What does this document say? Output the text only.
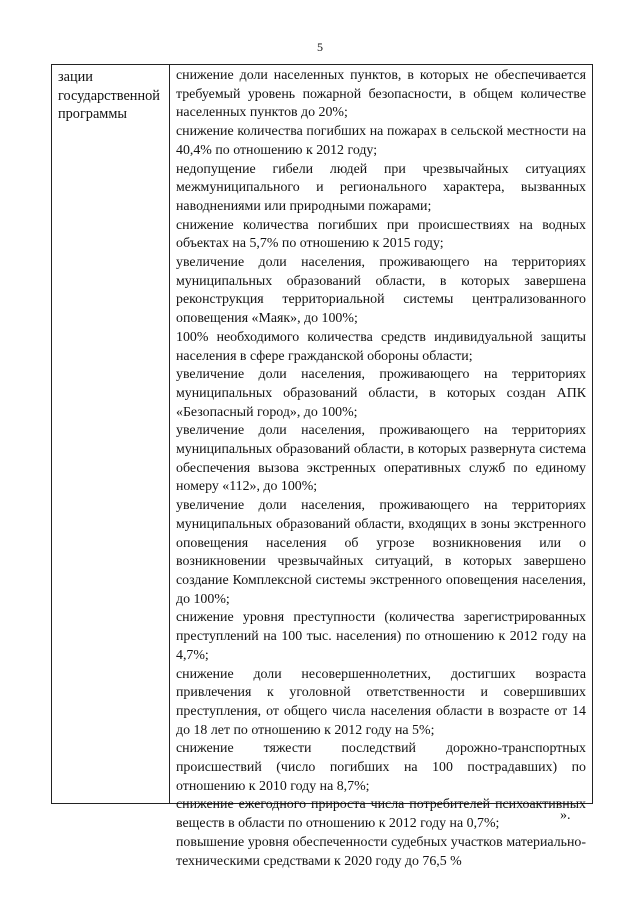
5
зации государственной программы

снижение доли населенных пунктов, в которых не обеспечивается требуемый уровень пожарной безопасности, в общем количестве населенных пунктов до 20%;

снижение количества погибших на пожарах в сельской местности на 40,4% по отношению к 2012 году;

недопущение гибели людей при чрезвычайных ситуациях межмуниципального и регионального характера, вызванных наводнениями или природными пожарами;

снижение количества погибших при происшествиях на водных объектах на 5,7% по отношению к 2015 году;

увеличение доли населения, проживающего на территориях муниципальных образований области, в которых завершена реконструкция территориальной системы централизованного оповещения «Маяк», до 100%;

100% необходимого количества средств индивидуальной защиты населения в сфере гражданской обороны области;

увеличение доли населения, проживающего на территориях муниципальных образований области, в которых создан АПК «Безопасный город», до 100%;

увеличение доли населения, проживающего на территориях муниципальных образований области, в которых развернута система обеспечения вызова экстренных оперативных служб по единому номеру «112», до 100%;

увеличение доли населения, проживающего на территориях муниципальных образований области, входящих в зоны экстренного оповещения населения об угрозе возникновения или о возникновении чрезвычайных ситуаций, в которых завершено создание Комплексной системы экстренного оповещения населения, до 100%;

снижение уровня преступности (количества зарегистрированных преступлений на 100 тыс. населения) по отношению к 2012 году на 4,7%;

снижение доли несовершеннолетних, достигших возраста привлечения к уголовной ответственности и совершивших преступления, от общего числа населения области в возрасте от 14 до 18 лет по отношению к 2012 году на 5%;

снижение тяжести последствий дорожно-транспортных происшествий (число погибших на 100 пострадавших) по отношению к 2010 году на 8,7%;

снижение ежегодного прироста числа потребителей психоактивных веществ в области по отношению к 2012 году на 0,7%;

повышение уровня обеспеченности судебных участков материально-техническими средствами к 2020 году до 76,5 %

».
